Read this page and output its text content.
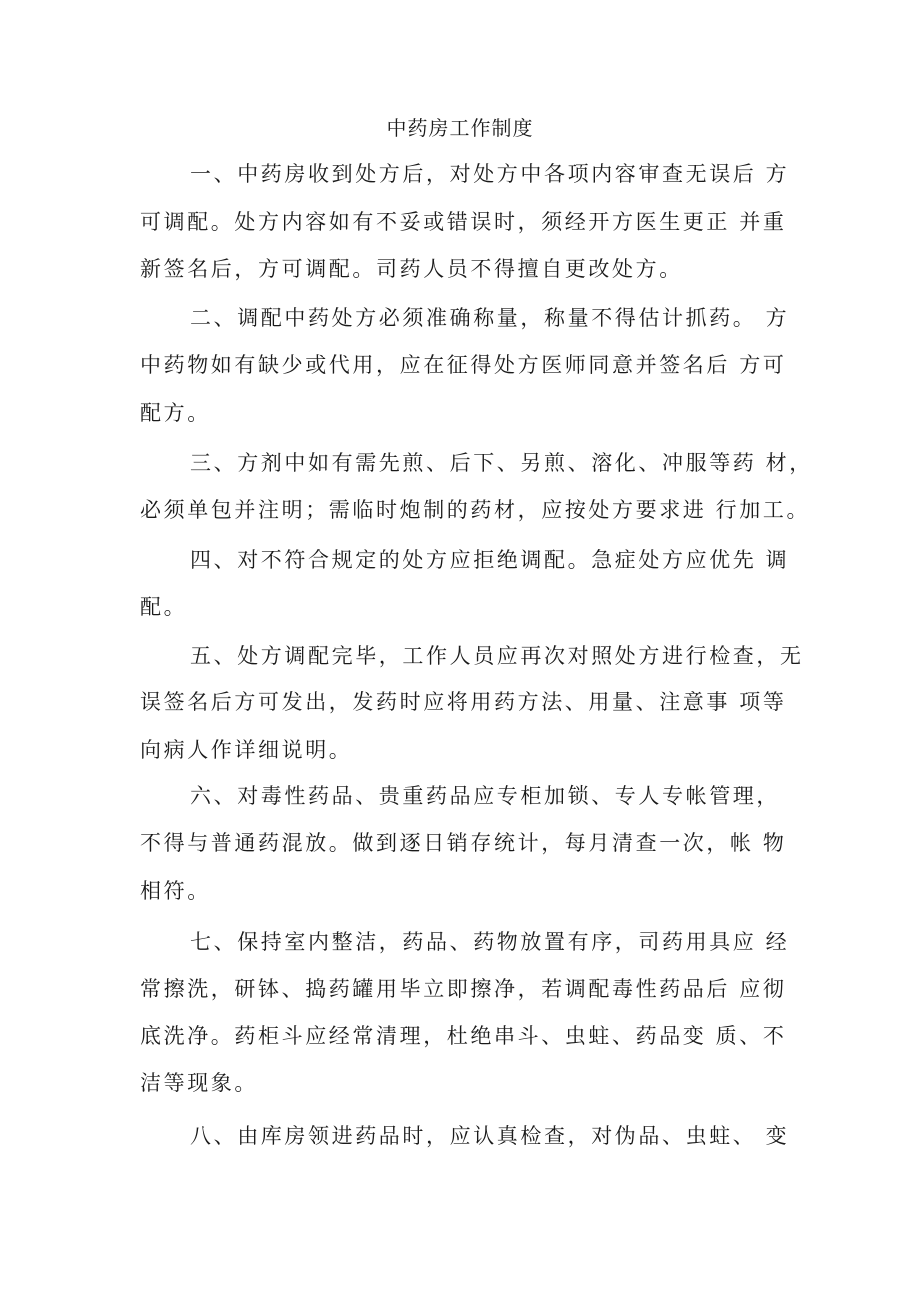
中药房工作制度
一、中药房收到处方后，对处方中各项内容审查无误后 方
可调配。处方内容如有不妥或错误时，须经开方医生更正 并重
新签名后，方可调配。司药人员不得擅自更改处方。
二、调配中药处方必须准确称量，称量不得估计抓药。 方
中药物如有缺少或代用，应在征得处方医师同意并签名后 方可
配方。
三、方剂中如有需先煎、后下、另煎、溶化、冲服等药 材，
必须单包并注明；需临时炮制的药材，应按处方要求进 行加工。
四、对不符合规定的处方应拒绝调配。急症处方应优先 调
配。
五、处方调配完毕，工作人员应再次对照处方进行检查，无
误签名后方可发出，发药时应将用药方法、用量、注意事 项等
向病人作详细说明。
六、对毒性药品、贵重药品应专柜加锁、专人专帐管理，
不得与普通药混放。做到逐日销存统计，每月清查一次，帐 物
相符。
七、保持室内整洁，药品、药物放置有序，司药用具应 经
常擦洗，研钵、捣药罐用毕立即擦净，若调配毒性药品后 应彻
底洗净。药柜斗应经常清理，杜绝串斗、虫蛀、药品变 质、不
洁等现象。
八、由库房领进药品时，应认真检查，对伪品、虫蛀、 变
